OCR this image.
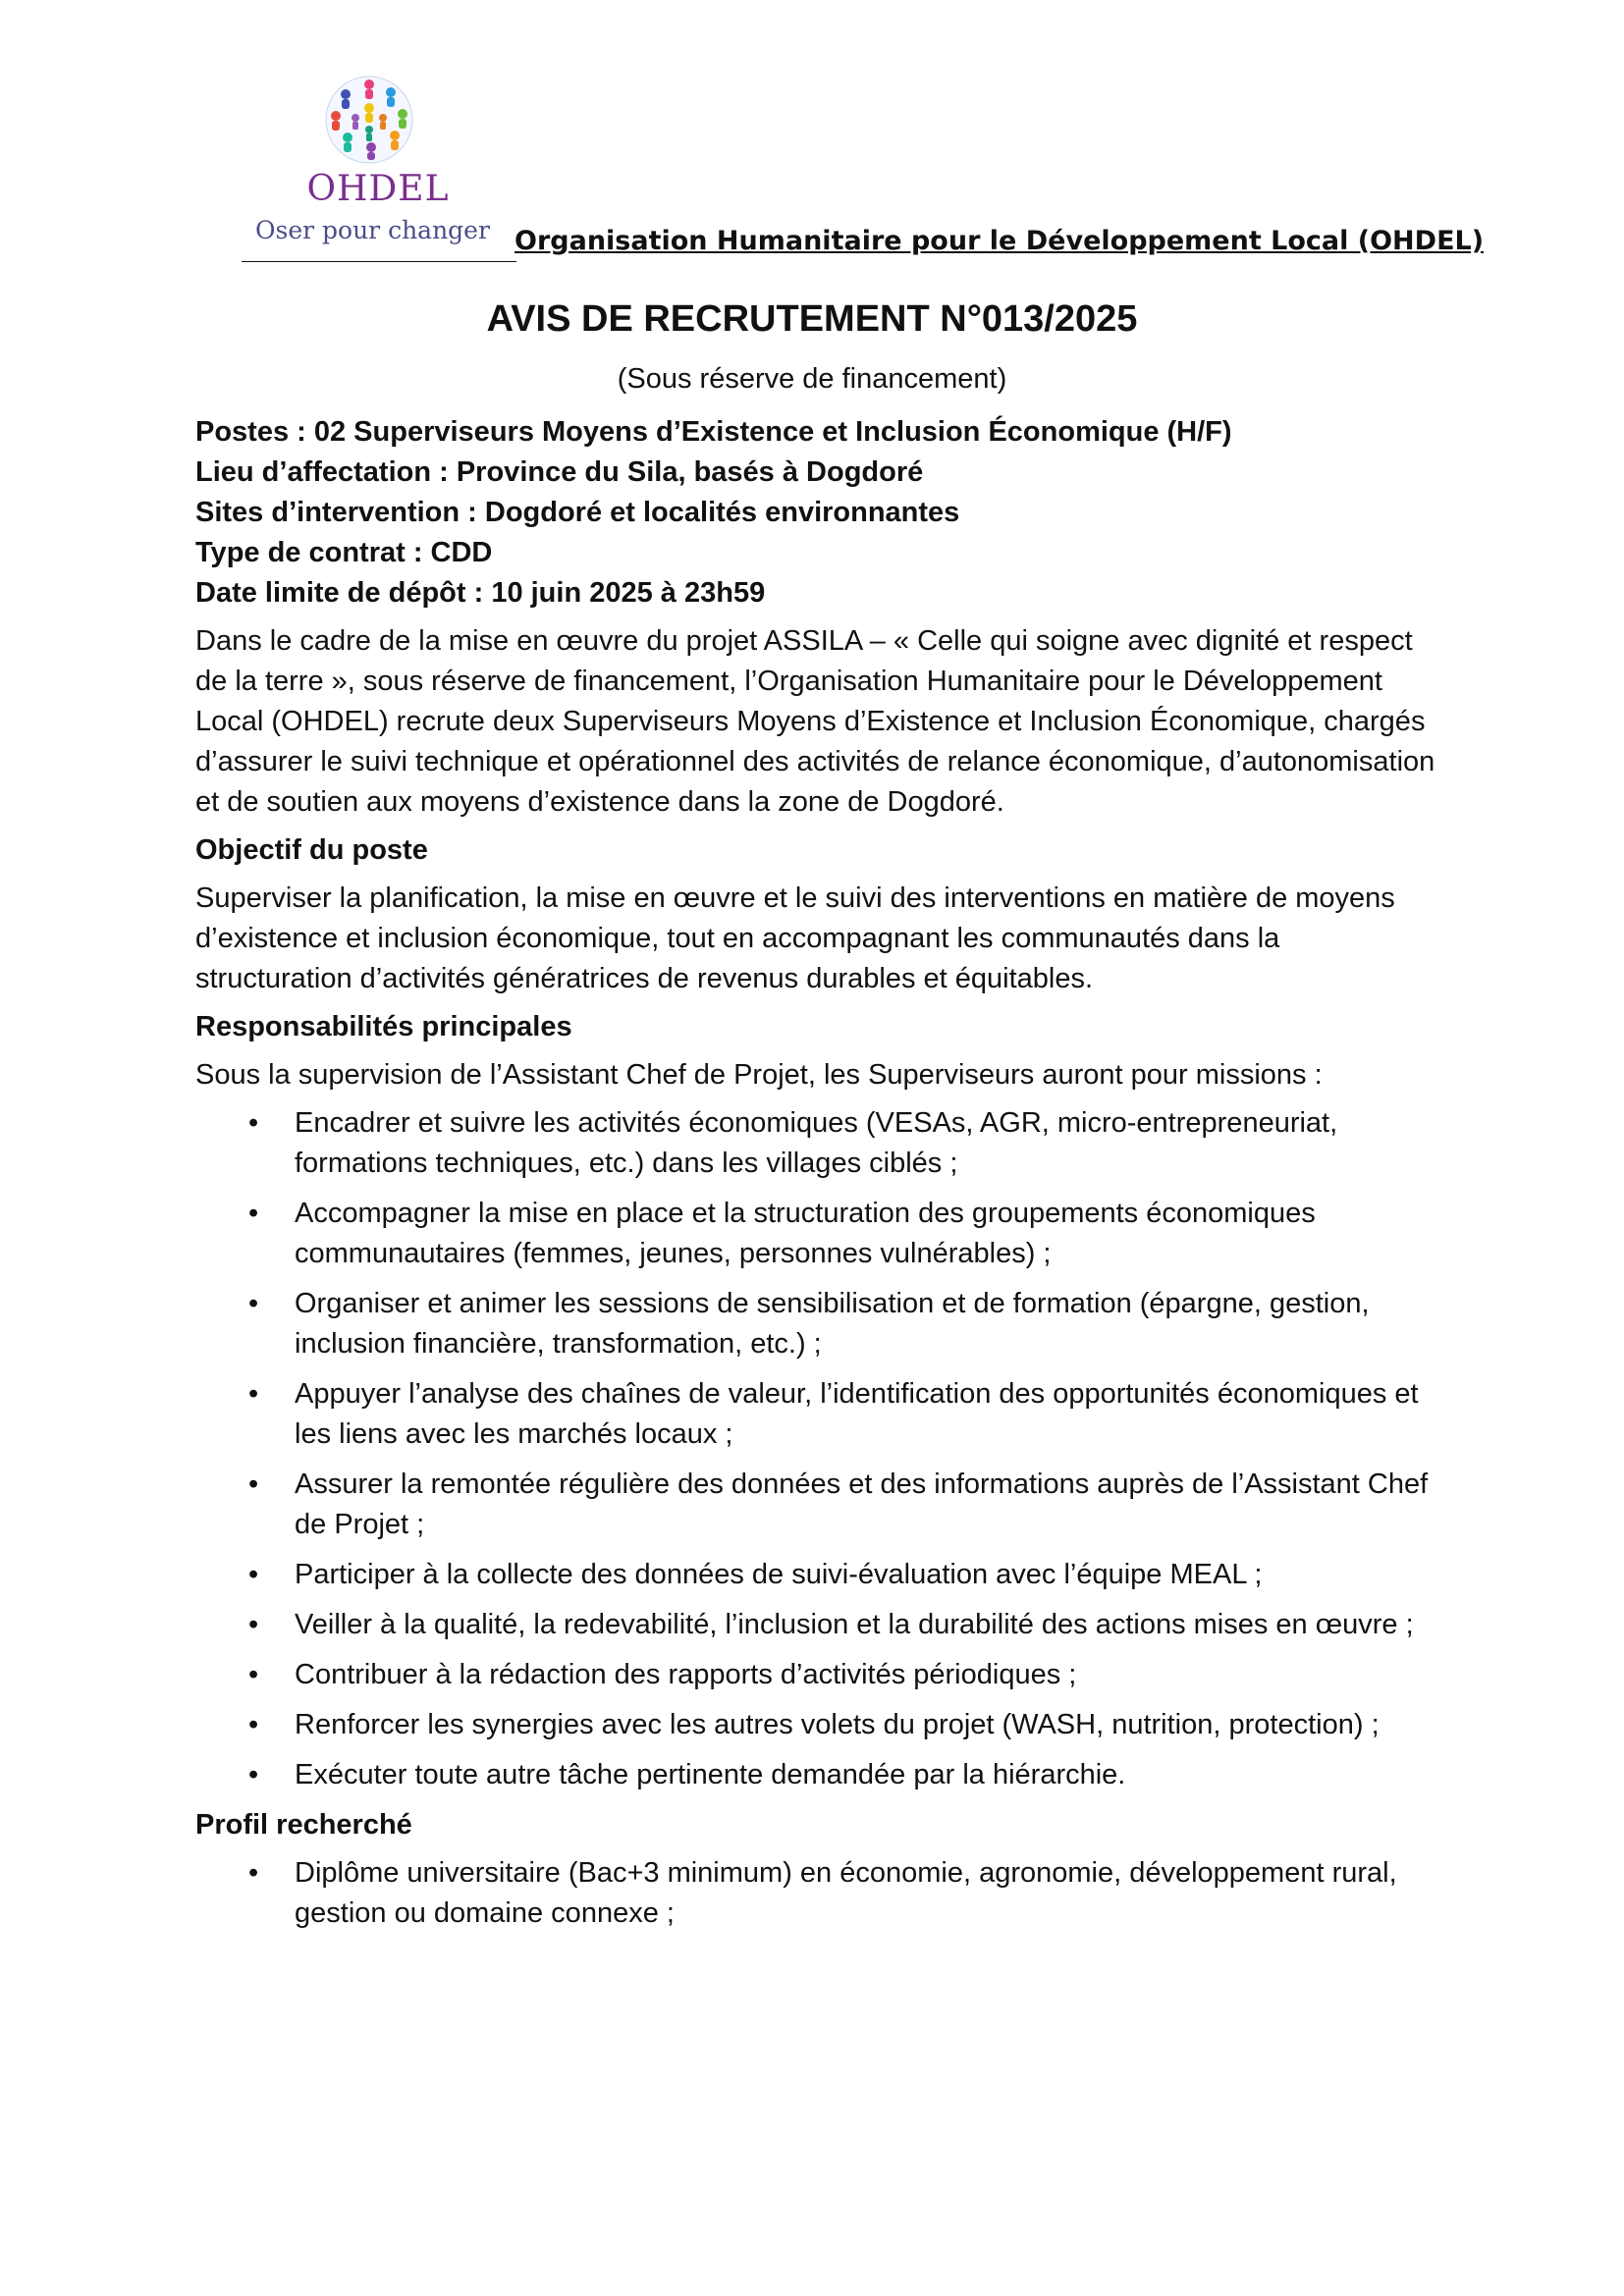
OHDEL
Oser pour changer Organisation Humanitaire pour le Développement Local (OHDEL)
AVIS DE RECRUTEMENT N°013/2025
(Sous réserve de financement)

Postes : 02 Superviseurs Moyens d’Existence et Inclusion Économique (H/F)

Lieu d’affectation : Province du Sila, basés à Dogdoré

Sites d’intervention : Dogdoré et localités environnantes

Type de contrat : CDD

Date limite de dépôt : 10 juin 2025 à 23h59

Dans le cadre de la mise en œuvre du projet ASSILA – « Celle qui soigne avec dignité et respect de la terre », sous réserve de financement, l’Organisation Humanitaire pour le Développement Local (OHDEL) recrute deux Superviseurs Moyens d’Existence et Inclusion Économique, chargés d’assurer le suivi technique et opérationnel des activités de relance économique, d’autonomisation et de soutien aux moyens d’existence dans la zone de Dogdoré.

Objectif du poste

Superviser la planification, la mise en œuvre et le suivi des interventions en matière de moyens d’existence et inclusion économique, tout en accompagnant les communautés dans la structuration d’activités génératrices de revenus durables et équitables.

Responsabilités principales

Sous la supervision de l’Assistant Chef de Projet, les Superviseurs auront pour missions :

• Encadrer et suivre les activités économiques (VESAs, AGR, micro-entrepreneuriat, formations techniques, etc.) dans les villages ciblés ;
• Accompagner la mise en place et la structuration des groupements économiques communautaires (femmes, jeunes, personnes vulnérables) ;
• Organiser et animer les sessions de sensibilisation et de formation (épargne, gestion, inclusion financière, transformation, etc.) ;
• Appuyer l’analyse des chaînes de valeur, l’identification des opportunités économiques et les liens avec les marchés locaux ;
• Assurer la remontée régulière des données et des informations auprès de l’Assistant Chef de Projet ;
• Participer à la collecte des données de suivi-évaluation avec l’équipe MEAL ;
• Veiller à la qualité, la redevabilité, l’inclusion et la durabilité des actions mises en œuvre ;
• Contribuer à la rédaction des rapports d’activités périodiques ;
• Renforcer les synergies avec les autres volets du projet (WASH, nutrition, protection) ;
• Exécuter toute autre tâche pertinente demandée par la hiérarchie.

Profil recherché

• Diplôme universitaire (Bac+3 minimum) en économie, agronomie, développement rural, gestion ou domaine connexe ;
